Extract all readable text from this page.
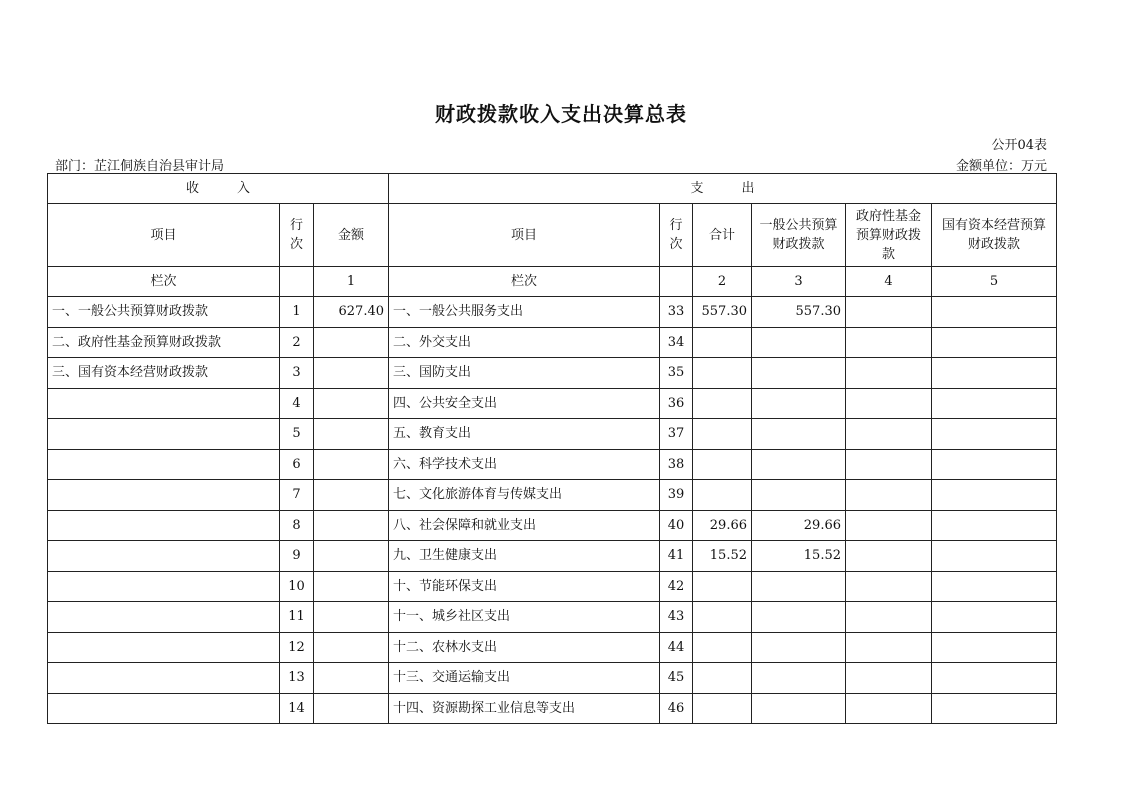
财政拨款收入支出决算总表
公开04表
部门：芷江侗族自治县审计局	金额单位：万元
收入			支出					
项目	行次	金额	项目	行次	合计	一般公共预算财政拨款	政府性基金预算财政拨款	国有资本经营预算财政拨款
栏次		1	栏次		2	3	4	5
一、一般公共预算财政拨款	1	627.40	一、一般公共服务支出	33	557.30	557.30		
二、政府性基金预算财政拨款	2		二、外交支出	34				
三、国有资本经营财政拨款	3		三、国防支出	35				
	4		四、公共安全支出	36				
	5		五、教育支出	37				
	6		六、科学技术支出	38				
	7		七、文化旅游体育与传媒支出	39				
	8		八、社会保障和就业支出	40	29.66	29.66		
	9		九、卫生健康支出	41	15.52	15.52		
	10		十、节能环保支出	42				
	11		十一、城乡社区支出	43				
	12		十二、农林水支出	44				
	13		十三、交通运输支出	45				
	14		十四、资源勘探工业信息等支出	46				
